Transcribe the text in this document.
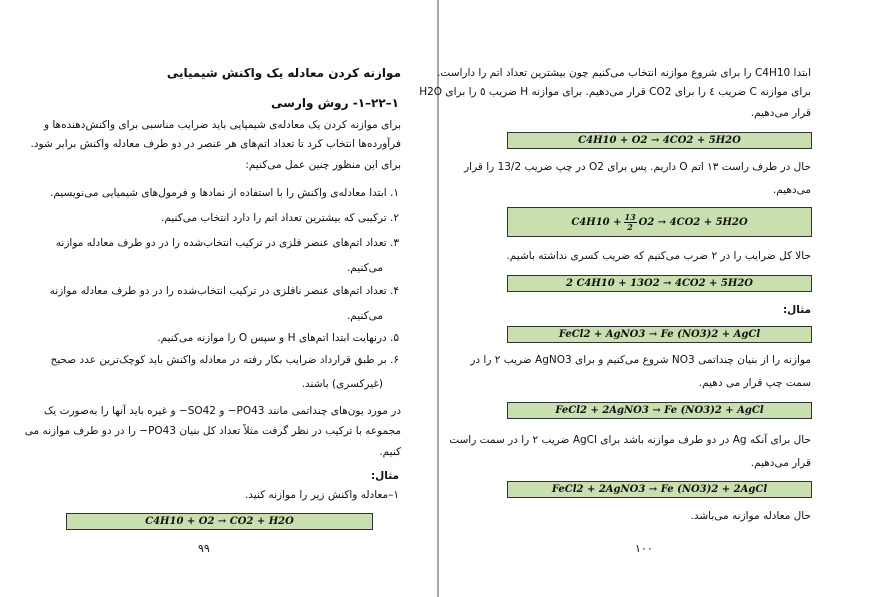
موازنه کردن معادله یک واکنش شیمیایی
۱–۲۲–۱- روش وارسی
برای موازنه کردن یک معادله‌ی شیمیایی باید ضرایب مناسبی برای واکنش‌دهنده‌ها و
فرآورده‌ها انتخاب کرد تا تعداد اتم‌های هر عنصر در دو طرف معادله واکنش برابر شود.
برای این منظور چنین عمل می‌کنیم:
۱. ابتدا معادله‌ی واکنش را با استفاده از نمادها و فرمول‌های شیمیایی می‌نویسیم.
۲. ترکیبی که بیشترین تعداد اتم را دارد انتخاب می‌کنیم.
۳. تعداد اتم‌های عنصر فلزی در ترکیب انتخاب‌شده را در دو طرف معادله موازنه
می‌کنیم.
۴. تعداد اتم‌های عنصر نافلزی در ترکیب انتخاب‌شده را در دو طرف معادله موازنه
می‌کنیم.
۵. درنهایت ابتدا اتم‌های H و سپس O را موازنه می‌کنیم.
۶. بر طبق قرارداد ضرایب بکار رفته در معادله واکنش باید کوچک‌ترین عدد صحیح
(غیرکسری) باشند.
در مورد یون‌های چنداتمی مانند PO43− و SO42− و غیره باید آنها را به‌صورت یک
مجموعه با ترکیب در نظر گرفت مثلاً تعداد کل بنیان PO43− را در دو طرف موازنه می
کنیم.
مثال:
۱–معادله واکنش زیر را موازنه کنید.
C4H10 + O2 → CO2 + H2O
۹۹
ابتدا C4H10 را برای شروع موازنه انتخاب می‌کنیم چون بیشترین تعداد اتم را داراست.
برای موازنه C ضریب ٤ را برای CO2 قرار می‌دهیم. برای موازنه H ضریب ٥ را برای H2O
قرار می‌دهیم.
C4H10 + O2 → 4CO2 + 5H2O
حال در طرف راست ۱۳ اتم O داریم. پس برای O2 در چپ ضریب 13/2 را قرار
می‌دهیم.
$C4H10 + \frac{13}{2} O2 \to 4CO2 + 5H2O$
حالا کل ضرایب را در ۲ ضرب می‌کنیم که ضریب کسری نداشته باشیم.
2 C4H10 + 13O2 → 4CO2 + 5H2O
مثال:
FeCl2 + AgNO3 → Fe (NO3)2 + AgCl
موازنه را از بنیان چنداتمی NO3 شروع می‌کنیم و برای AgNO3 ضریب ۲ را در
سمت چپ قرار می دهیم.
FeCl2 + 2AgNO3 → Fe (NO3)2 + AgCl
حال برای آنکه Ag در دو طرف موازنه باشد برای AgCl ضریب ۲ را در سمت راست
قرار می‌دهیم.
FeCl2 + 2AgNO3 → Fe (NO3)2 + 2AgCl
حال معادله موازنه می‌باشد.
۱۰۰
